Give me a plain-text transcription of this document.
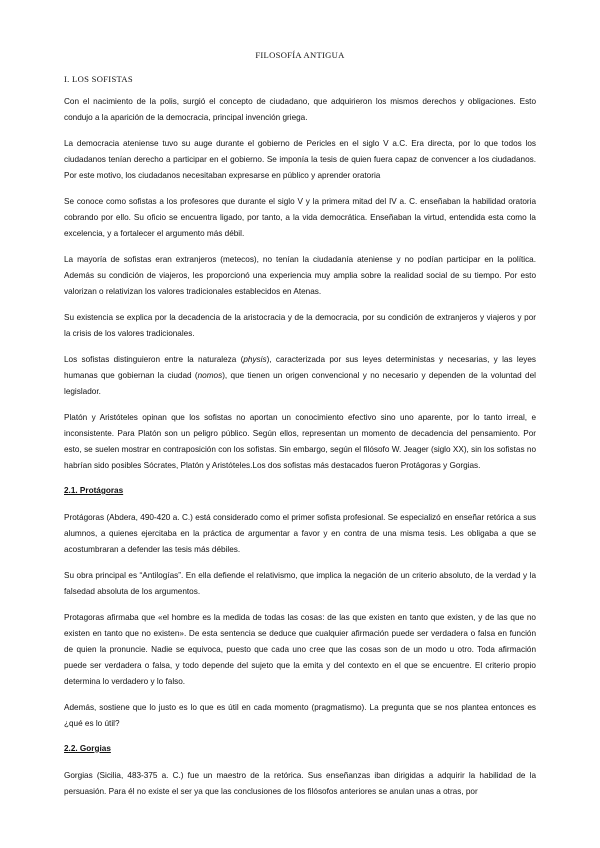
FILOSOFÍA ANTIGUA
I. LOS SOFISTAS

Con el nacimiento de la polis, surgió el concepto de ciudadano, que adquirieron los mismos derechos y obligaciones. Esto condujo a la aparición de la democracia, principal invención griega.

La democracia ateniense tuvo su auge durante el gobierno de Pericles en el siglo V a.C. Era directa, por lo que todos los ciudadanos tenían derecho a participar en el gobierno. Se imponía la tesis de quien fuera capaz de convencer a los ciudadanos. Por este motivo, los ciudadanos necesitaban expresarse en público y aprender oratoria

Se conoce como sofistas a los profesores que durante el siglo V y la primera mitad del IV a. C. enseñaban la habilidad oratoria cobrando por ello. Su oficio se encuentra ligado, por tanto, a la vida democrática. Enseñaban la virtud, entendida esta como la excelencia, y a fortalecer el argumento más débil.

La mayoría de sofistas eran extranjeros (metecos), no tenían la ciudadanía ateniense y no podían participar en la política. Además su condición de viajeros, les proporcionó una experiencia muy amplia sobre la realidad social de su tiempo. Por esto valorizan o relativizan los valores tradicionales establecidos en Atenas.

Su existencia se explica por la decadencia de la aristocracia y de la democracia, por su condición de extranjeros y viajeros y por la crisis de los valores tradicionales.

Los sofistas distinguieron entre la naturaleza (physis), caracterizada por sus leyes deterministas y necesarias, y las leyes humanas que gobiernan la ciudad (nomos), que tienen un origen convencional y no necesario y dependen de la voluntad del legislador.

Platón y Aristóteles opinan que los sofistas no aportan un conocimiento efectivo sino uno aparente, por lo tanto irreal, e inconsistente. Para Platón son un peligro público. Según ellos, representan un momento de decadencia del pensamiento. Por esto, se suelen mostrar en contraposición con los sofistas. Sin embargo, según el filósofo W. Jeager (siglo XX), sin los sofistas no habrían sido posibles Sócrates, Platón y Aristóteles.Los dos sofistas más destacados fueron Protágoras y Gorgias.

2.1. Protágoras

Protágoras (Abdera, 490-420 a. C.) está considerado como el primer sofista profesional. Se especializó en enseñar retórica a sus alumnos, a quienes ejercitaba en la práctica de argumentar a favor y en contra de una misma tesis. Les obligaba a que se acostumbraran a defender las tesis más débiles.

Su obra principal es “Antilogías”. En ella defiende el relativismo, que implica la negación de un criterio absoluto, de la verdad y la falsedad absoluta de los argumentos.

Protagoras afirmaba que «el hombre es la medida de todas las cosas: de las que existen en tanto que existen, y de las que no existen en tanto que no existen». De esta sentencia se deduce que cualquier afirmación puede ser verdadera o falsa en función de quien la pronuncie. Nadie se equivoca, puesto que cada uno cree que las cosas son de un modo u otro. Toda afirmación puede ser verdadera o falsa, y todo depende del sujeto que la emita y del contexto en el que se encuentre. El criterio propio determina lo verdadero y lo falso.

Además, sostiene que lo justo es lo que es útil en cada momento (pragmatismo). La pregunta que se nos plantea entonces es ¿qué es lo útil?

2.2. Gorgias

Gorgias (Sicilia, 483-375 a. C.) fue un maestro de la retórica. Sus enseñanzas iban dirigidas a adquirir la habilidad de la persuasión. Para él no existe el ser ya que las conclusiones de los filósofos anteriores se anulan unas a otras, por
